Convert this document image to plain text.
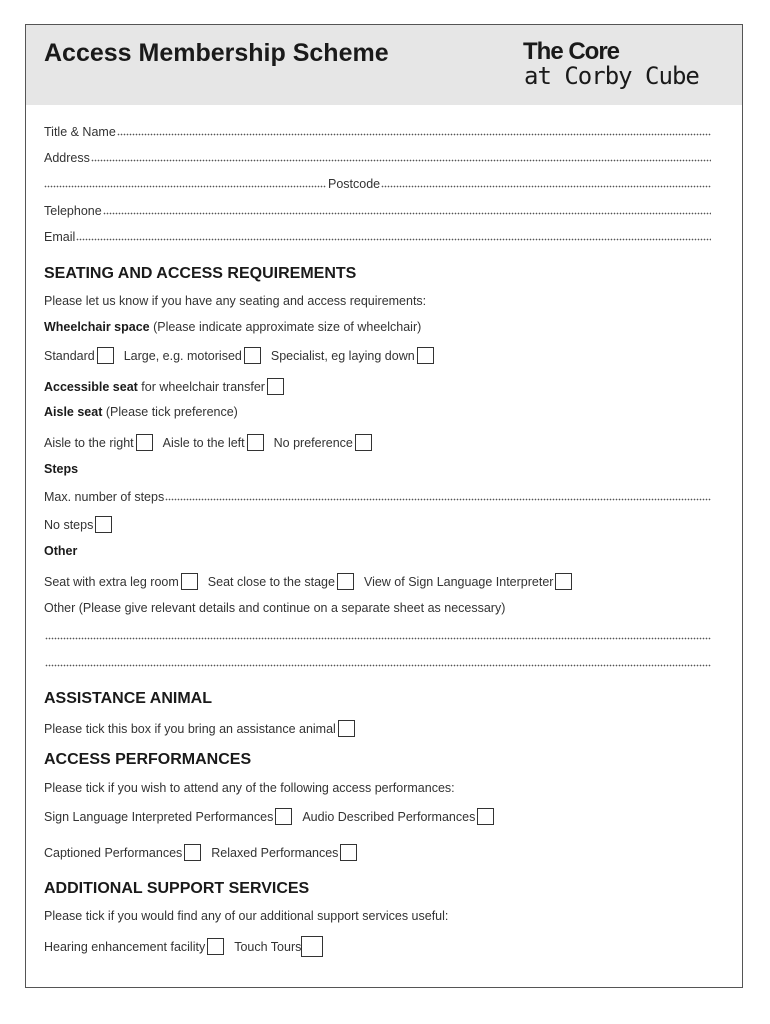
Access Membership Scheme	The Core
at Corby Cube
Title & Name
Address
Postcode
Telephone
Email
SEATING AND ACCESS REQUIREMENTS
Please let us know if you have any seating and access requirements:
Wheelchair space (Please indicate approximate size of wheelchair)
Standard Large, e.g. motorised Specialist, eg laying down
Accessible seat for wheelchair transfer
Aisle seat (Please tick preference)
Aisle to the right Aisle to the left No preference
Steps
Max. number of steps
No steps
Other
Seat with extra leg room Seat close to the stage View of Sign Language Interpreter
Other (Please give relevant details and continue on a separate sheet as necessary)
ASSISTANCE ANIMAL
Please tick this box if you bring an assistance animal
ACCESS PERFORMANCES
Please tick if you wish to attend any of the following access performances:
Sign Language Interpreted Performances Audio Described Performances
Captioned Performances Relaxed Performances
ADDITIONAL SUPPORT SERVICES
Please tick if you would find any of our additional support services useful:
Hearing enhancement facility Touch Tours
